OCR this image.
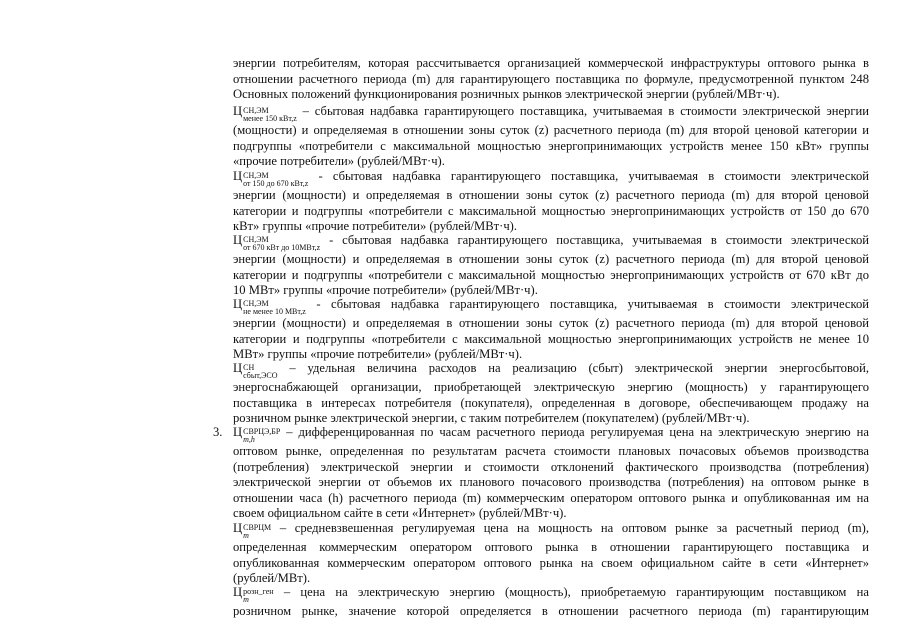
энергии потребителям, которая рассчитывается организацией коммерческой инфраструктуры оптового рынка в
отношении расчетного периода (m) для гарантирующего поставщика по формуле, предусмотренной пунктом 248
Основных положений функционирования розничных рынков электрической энергии (рублей/МВт·ч).
Ц СН,ЭМ
менее 150 кВт,z
– сбытовая надбавка гарантирующего поставщика, учитываемая в стоимости электрической энергии
(мощности) и определяемая в отношении зоны суток (z) расчетного периода (m) для второй ценовой категории и
подгруппы «потребители с максимальной мощностью энергопринимающих устройств менее 150 кВт» группы
«прочие потребители» (рублей/МВт·ч).
Ц СН,ЭМ
от 150 до 670 кВт,z
- сбытовая надбавка гарантирующего поставщика, учитываемая в стоимости электрической
энергии (мощности) и определяемая в отношении зоны суток (z) расчетного периода (m) для второй ценовой
категории и подгруппы «потребители с максимальной мощностью энергопринимающих устройств от 150 до 670
кВт» группы «прочие потребители» (рублей/МВт·ч).
Ц СН,ЭМ
от 670 кВт до 10МВт,z
- сбытовая надбавка гарантирующего поставщика, учитываемая в стоимости электрической
энергии (мощности) и определяемая в отношении зоны суток (z) расчетного периода (m) для второй ценовой
категории и подгруппы «потребители с максимальной мощностью энергопринимающих устройств от 670 кВт до
10 МВт» группы «прочие потребители» (рублей/МВт·ч).
Ц СН,ЭМ
не менее 10 МВт,z
- сбытовая надбавка гарантирующего поставщика, учитываемая в стоимости электрической
энергии (мощности) и определяемая в отношении зоны суток (z) расчетного периода (m) для второй ценовой
категории и подгруппы «потребители с максимальной мощностью энергопринимающих устройств не менее 10
МВт» группы «прочие потребители» (рублей/МВт·ч).
Ц СН
сбыт,ЭСО
– удельная величина расходов на реализацию (сбыт) электрической энергии энергосбытовой,
энергоснабжающей организации, приобретающей электрическую энергию (мощность) у гарантирующего
поставщика в интересах потребителя (покупателя), определенная в договоре, обеспечивающем продажу на
розничном рынке электрической энергии, с таким потребителем (покупателем) (рублей/МВт·ч).
3. Ц СВРЦЭ,БР
m,h
– дифференцированная по часам расчетного периода регулируемая цена на электрическую энергию на
оптовом рынке, определенная по результатам расчета стоимости плановых почасовых объемов производства
(потребления) электрической энергии и стоимости отклонений фактического производства (потребления)
электрической энергии от объемов их планового почасового производства (потребления) на оптовом рынке в
отношении часа (h) расчетного периода (m) коммерческим оператором оптового рынка и опубликованная им на
своем официальном сайте в сети «Интернет» (рублей/МВт·ч).
Ц СВРЦМ
m
– средневзвешенная регулируемая цена на мощность на оптовом рынке за расчетный период (m),
определенная коммерческим оператором оптового рынка в отношении гарантирующего поставщика и
опубликованная коммерческим оператором оптового рынка на своем официальном сайте в сети «Интернет»
(рублей/МВт).
Ц розн_ген
m
– цена на электрическую энергию (мощность), приобретаемую гарантирующим поставщиком на
розничном рынке, значение которой определяется в отношении расчетного периода (m) гарантирующим
